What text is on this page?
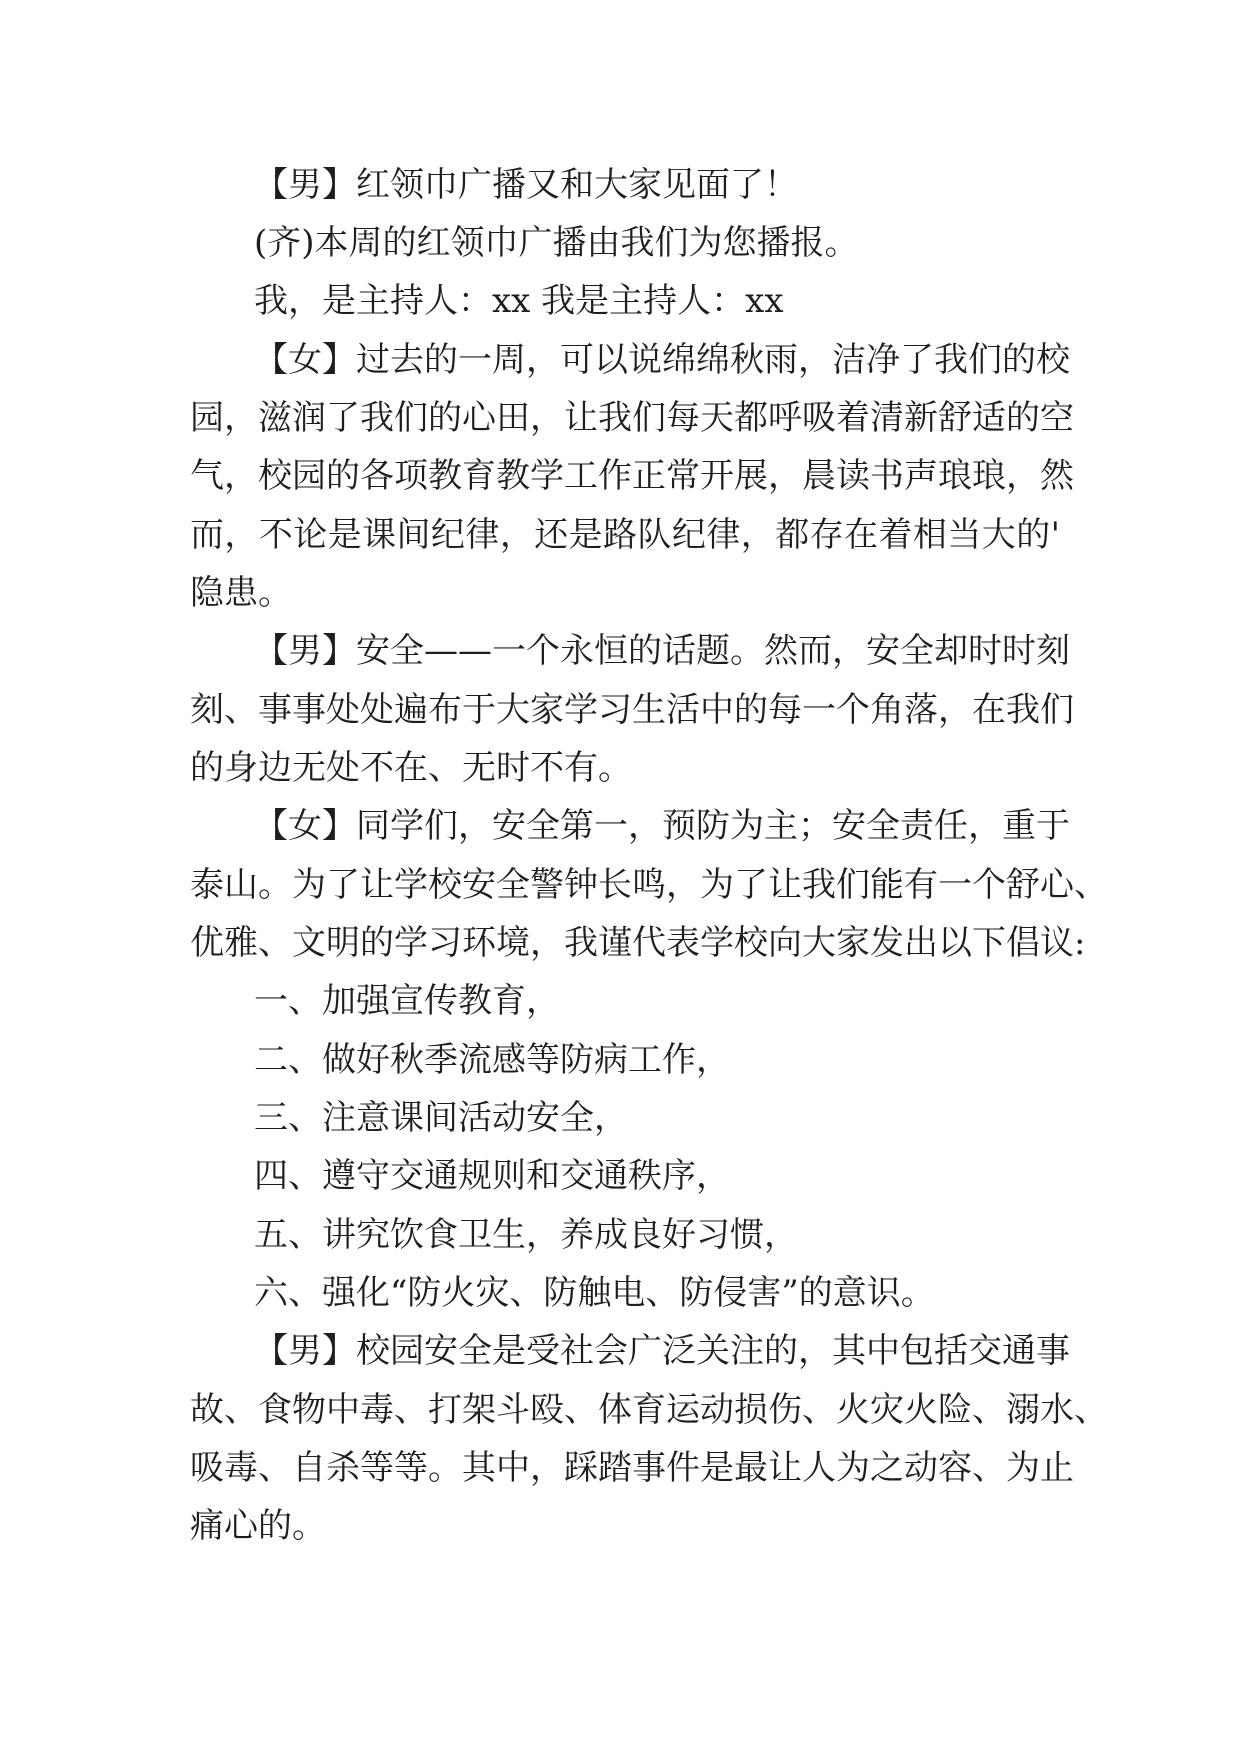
【男】红领巾广播又和大家见面了！

(齐)本周的红领巾广播由我们为您播报。

我，是主持人：xx 我是主持人：xx

【女】过去的一周，可以说绵绵秋雨，洁净了我们的校

园，滋润了我们的心田，让我们每天都呼吸着清新舒适的空

气，校园的各项教育教学工作正常开展，晨读书声琅琅，然

而，不论是课间纪律，还是路队纪律，都存在着相当大的'

隐患。

【男】安全——一个永恒的话题。然而，安全却时时刻

刻、事事处处遍布于大家学习生活中的每一个角落，在我们

的身边无处不在、无时不有。

【女】同学们，安全第一，预防为主；安全责任，重于

泰山。为了让学校安全警钟长鸣，为了让我们能有一个舒心、

优雅、文明的学习环境，我谨代表学校向大家发出以下倡议:

一、加强宣传教育，

二、做好秋季流感等防病工作，

三、注意课间活动安全，

四、遵守交通规则和交通秩序，

五、讲究饮食卫生，养成良好习惯，

六、强化“防火灾、防触电、防侵害”的意识。

【男】校园安全是受社会广泛关注的，其中包括交通事

故、食物中毒、打架斗殴、体育运动损伤、火灾火险、溺水、

吸毒、自杀等等。其中，踩踏事件是最让人为之动容、为止

痛心的。
